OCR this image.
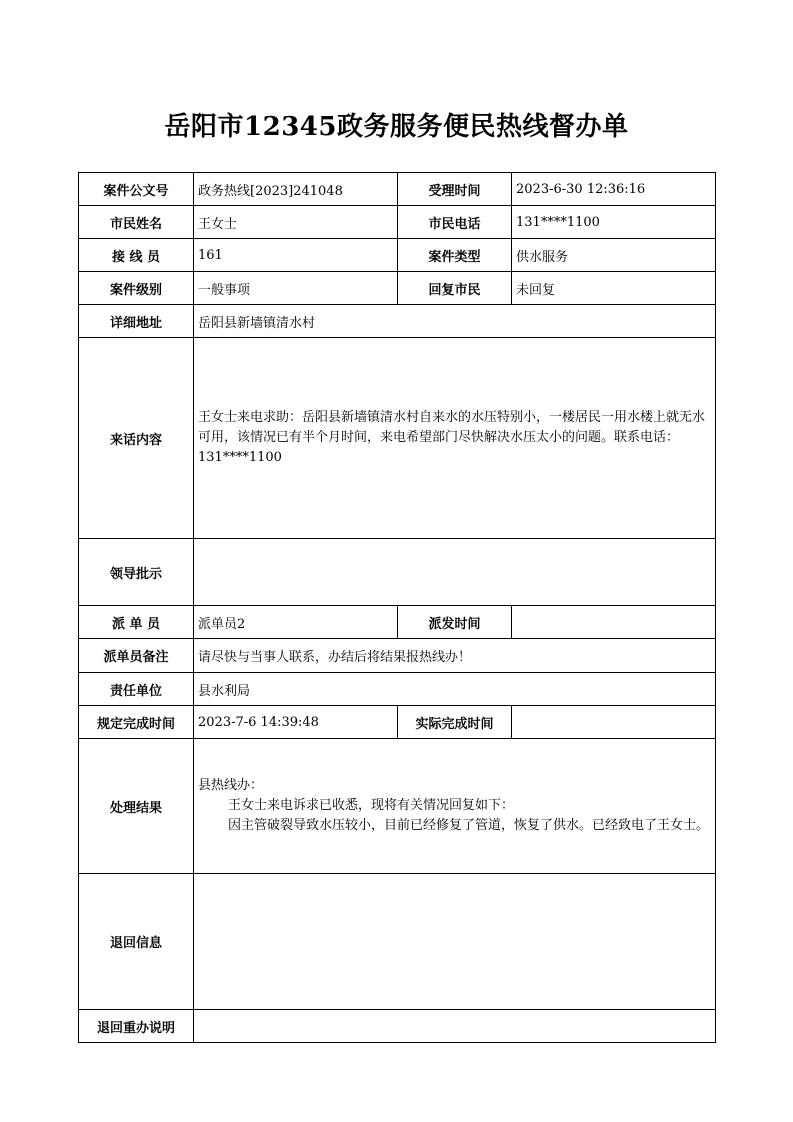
岳阳市12345政务服务便民热线督办单
案件公文号	政务热线[2023]241048	受理时间	2023-6-30 12:36:16
市民姓名	王女士	市民电话	131****1100
接 线 员	161	案件类型	供水服务
案件级别	一般事项	回复市民	未回复
详细地址	岳阳县新墙镇清水村		
来话内容	王女士来电求助：岳阳县新墙镇清水村自来水的水压特别小，一楼居民一用水楼上就无水可用，该情况已有半个月时间，来电希望部门尽快解决水压太小的问题。联系电话：131****1100		
领导批示			
派 单 员	派单员2	派发时间	
派单员备注	请尽快与当事人联系，办结后将结果报热线办！		
责任单位	县水利局		
规定完成时间	2023-7-6 14:39:48	实际完成时间	
处理结果	县热线办：
王女士来电诉求已收悉，现将有关情况回复如下：
因主管破裂导致水压较小，目前已经修复了管道，恢复了供水。已经致电了王女士。		

退回信息			
退回重办说明			
